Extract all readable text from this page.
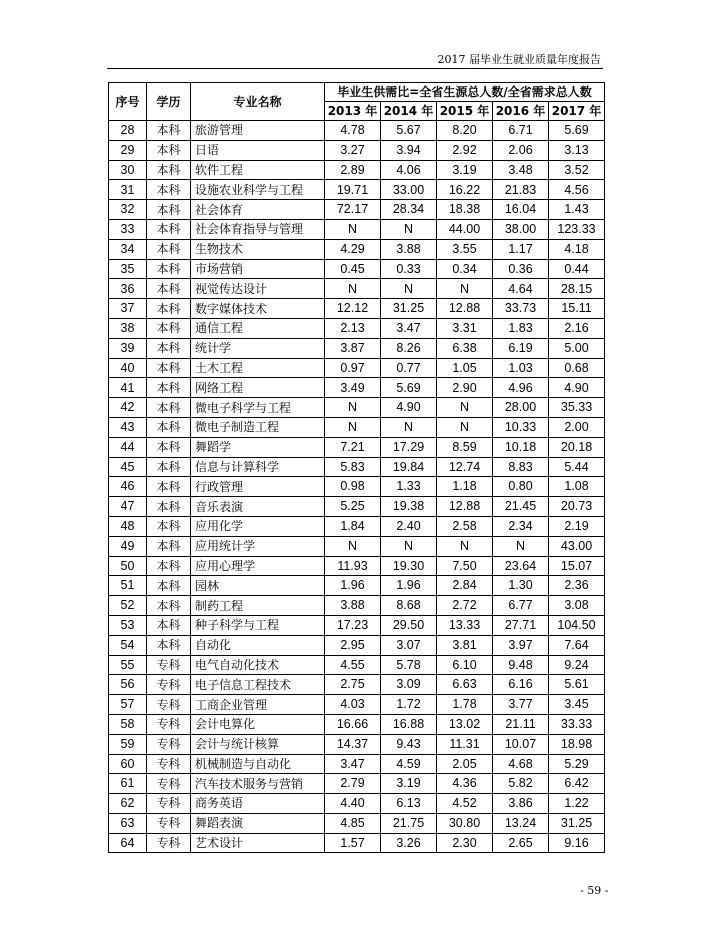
2017 届毕业生就业质量年度报告
序号	学历	专业名称	毕业生供需比=全省生源总人数/全省需求总人数				
			2013 年	2014 年	2015 年	2016 年	2017 年
28	本科	旅游管理	4.78	5.67	8.20	6.71	5.69
29	本科	日语	3.27	3.94	2.92	2.06	3.13
30	本科	软件工程	2.89	4.06	3.19	3.48	3.52
31	本科	设施农业科学与工程	19.71	33.00	16.22	21.83	4.56
32	本科	社会体育	72.17	28.34	18.38	16.04	1.43
33	本科	社会体育指导与管理	N	N	44.00	38.00	123.33
34	本科	生物技术	4.29	3.88	3.55	1.17	4.18
35	本科	市场营销	0.45	0.33	0.34	0.36	0.44
36	本科	视觉传达设计	N	N	N	4.64	28.15
37	本科	数字媒体技术	12.12	31.25	12.88	33.73	15.11
38	本科	通信工程	2.13	3.47	3.31	1.83	2.16
39	本科	统计学	3.87	8.26	6.38	6.19	5.00
40	本科	土木工程	0.97	0.77	1.05	1.03	0.68
41	本科	网络工程	3.49	5.69	2.90	4.96	4.90
42	本科	微电子科学与工程	N	4.90	N	28.00	35.33
43	本科	微电子制造工程	N	N	N	10.33	2.00
44	本科	舞蹈学	7.21	17.29	8.59	10.18	20.18
45	本科	信息与计算科学	5.83	19.84	12.74	8.83	5.44
46	本科	行政管理	0.98	1.33	1.18	0.80	1.08
47	本科	音乐表演	5.25	19.38	12.88	21.45	20.73
48	本科	应用化学	1.84	2.40	2.58	2.34	2.19
49	本科	应用统计学	N	N	N	N	43.00
50	本科	应用心理学	11.93	19.30	7.50	23.64	15.07
51	本科	园林	1.96	1.96	2.84	1.30	2.36
52	本科	制药工程	3.88	8.68	2.72	6.77	3.08
53	本科	种子科学与工程	17.23	29.50	13.33	27.71	104.50
54	本科	自动化	2.95	3.07	3.81	3.97	7.64
55	专科	电气自动化技术	4.55	5.78	6.10	9.48	9.24
56	专科	电子信息工程技术	2.75	3.09	6.63	6.16	5.61
57	专科	工商企业管理	4.03	1.72	1.78	3.77	3.45
58	专科	会计电算化	16.66	16.88	13.02	21.11	33.33
59	专科	会计与统计核算	14.37	9.43	11.31	10.07	18.98
60	专科	机械制造与自动化	3.47	4.59	2.05	4.68	5.29
61	专科	汽车技术服务与营销	2.79	3.19	4.36	5.82	6.42
62	专科	商务英语	4.40	6.13	4.52	3.86	1.22
63	专科	舞蹈表演	4.85	21.75	30.80	13.24	31.25
64	专科	艺术设计	1.57	3.26	2.30	2.65	9.16
- 59 -
